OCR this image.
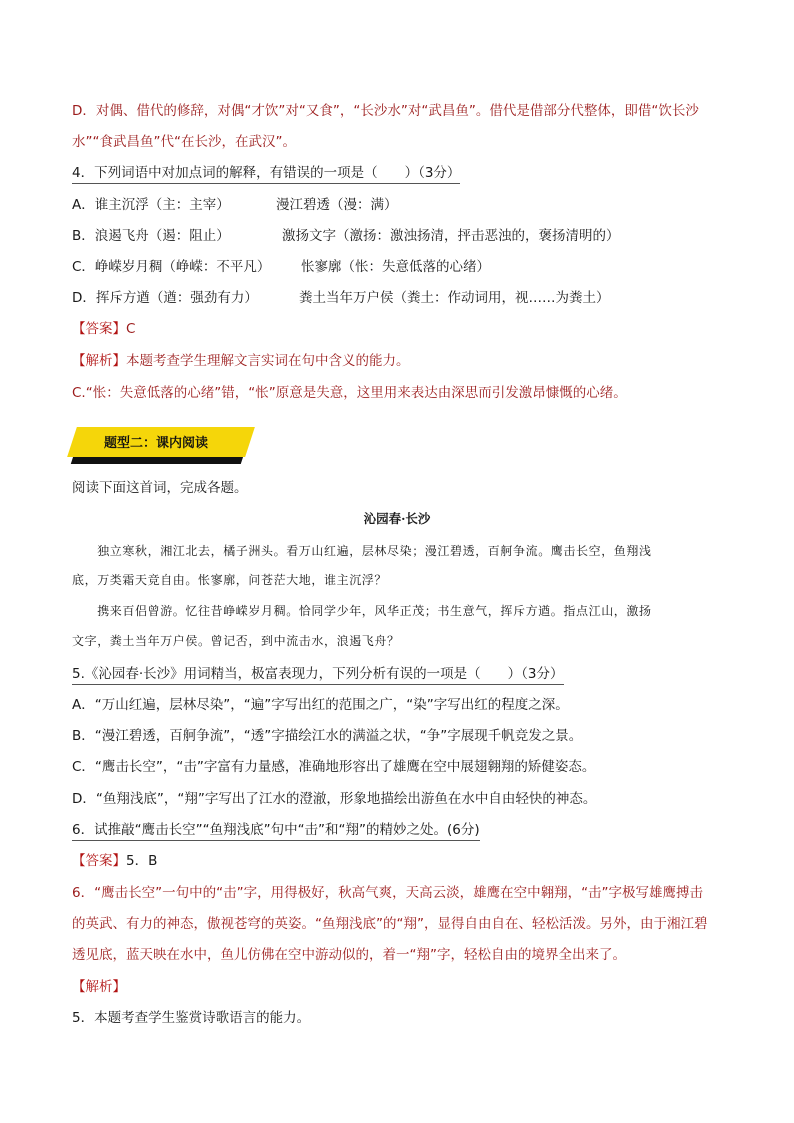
D．对偶、借代的修辞，对偶“才饮”对“又食”，“长沙水”对“武昌鱼”。借代是借部分代整体，即借“饮长沙
水”“食武昌鱼”代“在长沙，在武汉”。
4．下列词语中对加点词的解释，有错误的一项是（　　）（3分）
A．谁主沉浮（主：主宰）	漫江碧透（漫：满）
B．浪遏飞舟（遏：阻止）	激扬文字（激扬：激浊扬清，抨击恶浊的，褒扬清明的）
C．峥嵘岁月稠（峥嵘：不平凡） 怅寥廓（怅：失意低落的心绪）
D．挥斥方遒（遒：强劲有力）	粪土当年万户侯（粪土：作动词用，视……为粪土）
【答案】C
【解析】本题考查学生理解文言实词在句中含义的能力。
C.“怅：失意低落的心绪”错，“怅”原意是失意，这里用来表达由深思而引发激昂慷慨的心绪。
题型二：课内阅读
阅读下面这首词，完成各题。
沁园春·长沙
　　独立寒秋，湘江北去，橘子洲头。看万山红遍，层林尽染；漫江碧透，百舸争流。鹰击长空，鱼翔浅
底，万类霜天竞自由。怅寥廓，问苍茫大地，谁主沉浮？
　　携来百侣曾游。忆往昔峥嵘岁月稠。恰同学少年，风华正茂；书生意气，挥斥方遒。指点江山，激扬
文字，粪土当年万户侯。曾记否，到中流击水，浪遏飞舟？
5.《沁园春·长沙》用词精当，极富表现力，下列分析有误的一项是（　　）（3分）
A．“万山红遍，层林尽染”，“遍”字写出红的范围之广，“染”字写出红的程度之深。
B．“漫江碧透，百舸争流”，“透”字描绘江水的满溢之状，“争”字展现千帆竞发之景。
C．“鹰击长空”，“击”字富有力量感，准确地形容出了雄鹰在空中展翅翱翔的矫健姿态。
D．“鱼翔浅底”，“翔”字写出了江水的澄澈，形象地描绘出游鱼在水中自由轻快的神态。
6．试推敲“鹰击长空”“鱼翔浅底”句中“击”和“翔”的精妙之处。(6分)
【答案】5．B
6．“鹰击长空”一句中的“击”字，用得极好，秋高气爽，天高云淡，雄鹰在空中翱翔，“击”字极写雄鹰搏击
的英武、有力的神态，傲视苍穹的英姿。“鱼翔浅底”的“翔”，显得自由自在、轻松活泼。另外，由于湘江碧
透见底，蓝天映在水中，鱼儿仿佛在空中游动似的，着一“翔”字，轻松自由的境界全出来了。
【解析】
5．本题考查学生鉴赏诗歌语言的能力。
